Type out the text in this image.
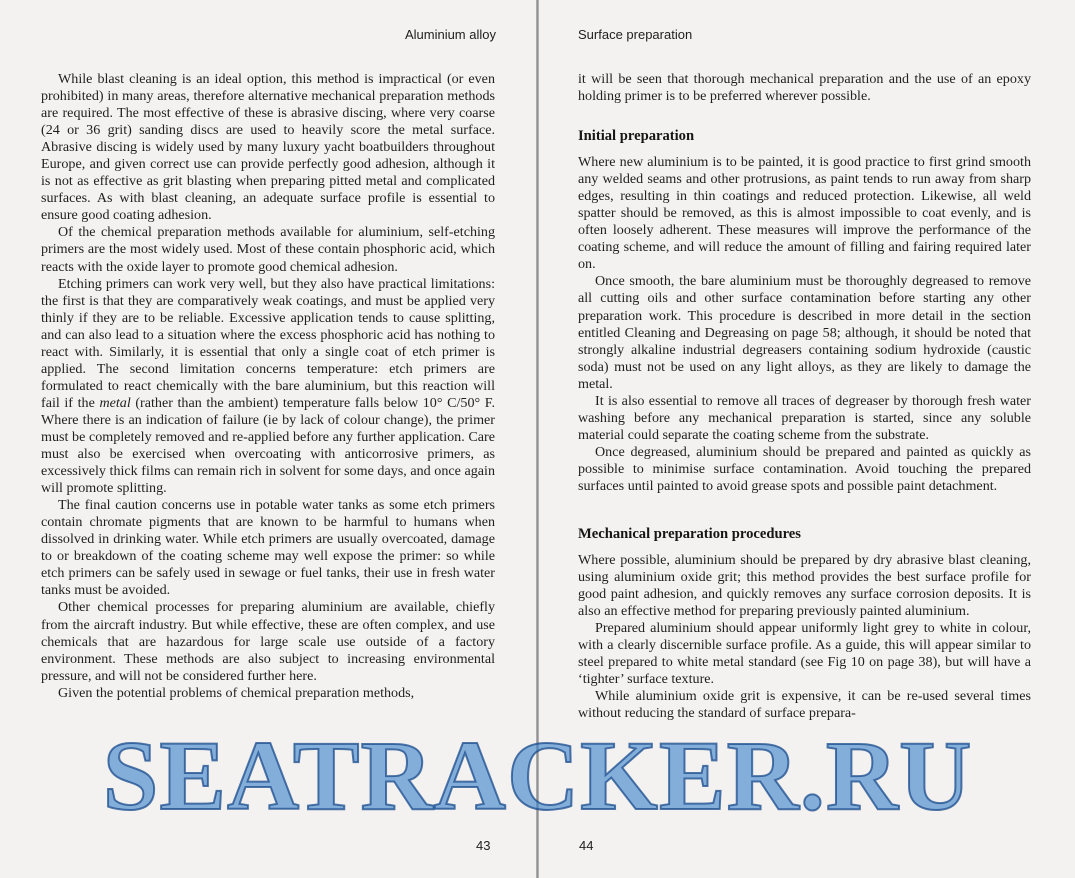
Aluminium alloy

While blast cleaning is an ideal option, this method is impractical (or even prohibited) in many areas, therefore alternative mechanical preparation methods are required. The most effective of these is abrasive discing, where very coarse (24 or 36 grit) sanding discs are used to heavily score the metal surface. Abrasive discing is widely used by many luxury yacht boatbuilders throughout Europe, and given correct use can provide perfectly good adhesion, although it is not as effective as grit blasting when preparing pitted metal and complicated surfaces. As with blast cleaning, an adequate surface profile is essential to ensure good coating adhesion.

Of the chemical preparation methods available for aluminium, self-etching primers are the most widely used. Most of these contain phosphoric acid, which reacts with the oxide layer to promote good chemical adhesion.

Etching primers can work very well, but they also have practical limitations: the first is that they are comparatively weak coatings, and must be applied very thinly if they are to be reliable. Excessive application tends to cause splitting, and can also lead to a situation where the excess phosphoric acid has nothing to react with. Similarly, it is essential that only a single coat of etch primer is applied. The second limitation concerns temperature: etch primers are formulated to react chemically with the bare aluminium, but this reaction will fail if the metal (rather than the ambient) temperature falls below 10° C/50° F. Where there is an indication of failure (ie by lack of colour change), the primer must be completely removed and re-applied before any further application. Care must also be exercised when overcoating with anticorrosive primers, as excessively thick films can remain rich in solvent for some days, and once again will promote splitting.

The final caution concerns use in potable water tanks as some etch primers contain chromate pigments that are known to be harmful to humans when dissolved in drinking water. While etch primers are usually overcoated, damage to or breakdown of the coating scheme may well expose the primer: so while etch primers can be safely used in sewage or fuel tanks, their use in fresh water tanks must be avoided.

Other chemical processes for preparing aluminium are available, chiefly from the aircraft industry. But while effective, these are often complex, and use chemicals that are hazardous for large scale use outside of a factory environment. These methods are also subject to increasing environmental pressure, and will not be considered further here.

Given the potential problems of chemical preparation methods,

43
Surface preparation

it will be seen that thorough mechanical preparation and the use of an epoxy holding primer is to be preferred wherever possible.

Initial preparation

Where new aluminium is to be painted, it is good practice to first grind smooth any welded seams and other protrusions, as paint tends to run away from sharp edges, resulting in thin coatings and reduced protection. Likewise, all weld spatter should be removed, as this is almost impossible to coat evenly, and is often loosely adherent. These measures will improve the performance of the coating scheme, and will reduce the amount of filling and fairing required later on.

Once smooth, the bare aluminium must be thoroughly degreased to remove all cutting oils and other surface contamination before starting any other preparation work. This procedure is described in more detail in the section entitled Cleaning and Degreasing on page 58; although, it should be noted that strongly alkaline industrial degreasers containing sodium hydroxide (caustic soda) must not be used on any light alloys, as they are likely to damage the metal.

It is also essential to remove all traces of degreaser by thorough fresh water washing before any mechanical preparation is started, since any soluble material could separate the coating scheme from the substrate.

Once degreased, aluminium should be prepared and painted as quickly as possible to minimise surface contamination. Avoid touching the prepared surfaces until painted to avoid grease spots and possible paint detachment.

Mechanical preparation procedures

Where possible, aluminium should be prepared by dry abrasive blast cleaning, using aluminium oxide grit; this method provides the best surface profile for good paint adhesion, and quickly removes any surface corrosion deposits. It is also an effective method for preparing previously painted aluminium.

Prepared aluminium should appear uniformly light grey to white in colour, with a clearly discernible surface profile. As a guide, this will appear similar to steel prepared to white metal standard (see Fig 10 on page 38), but will have a ‘tighter’ surface texture.

While aluminium oxide grit is expensive, it can be re-used several times without reducing the standard of surface prepara-

44
SEATRACKER.RU
